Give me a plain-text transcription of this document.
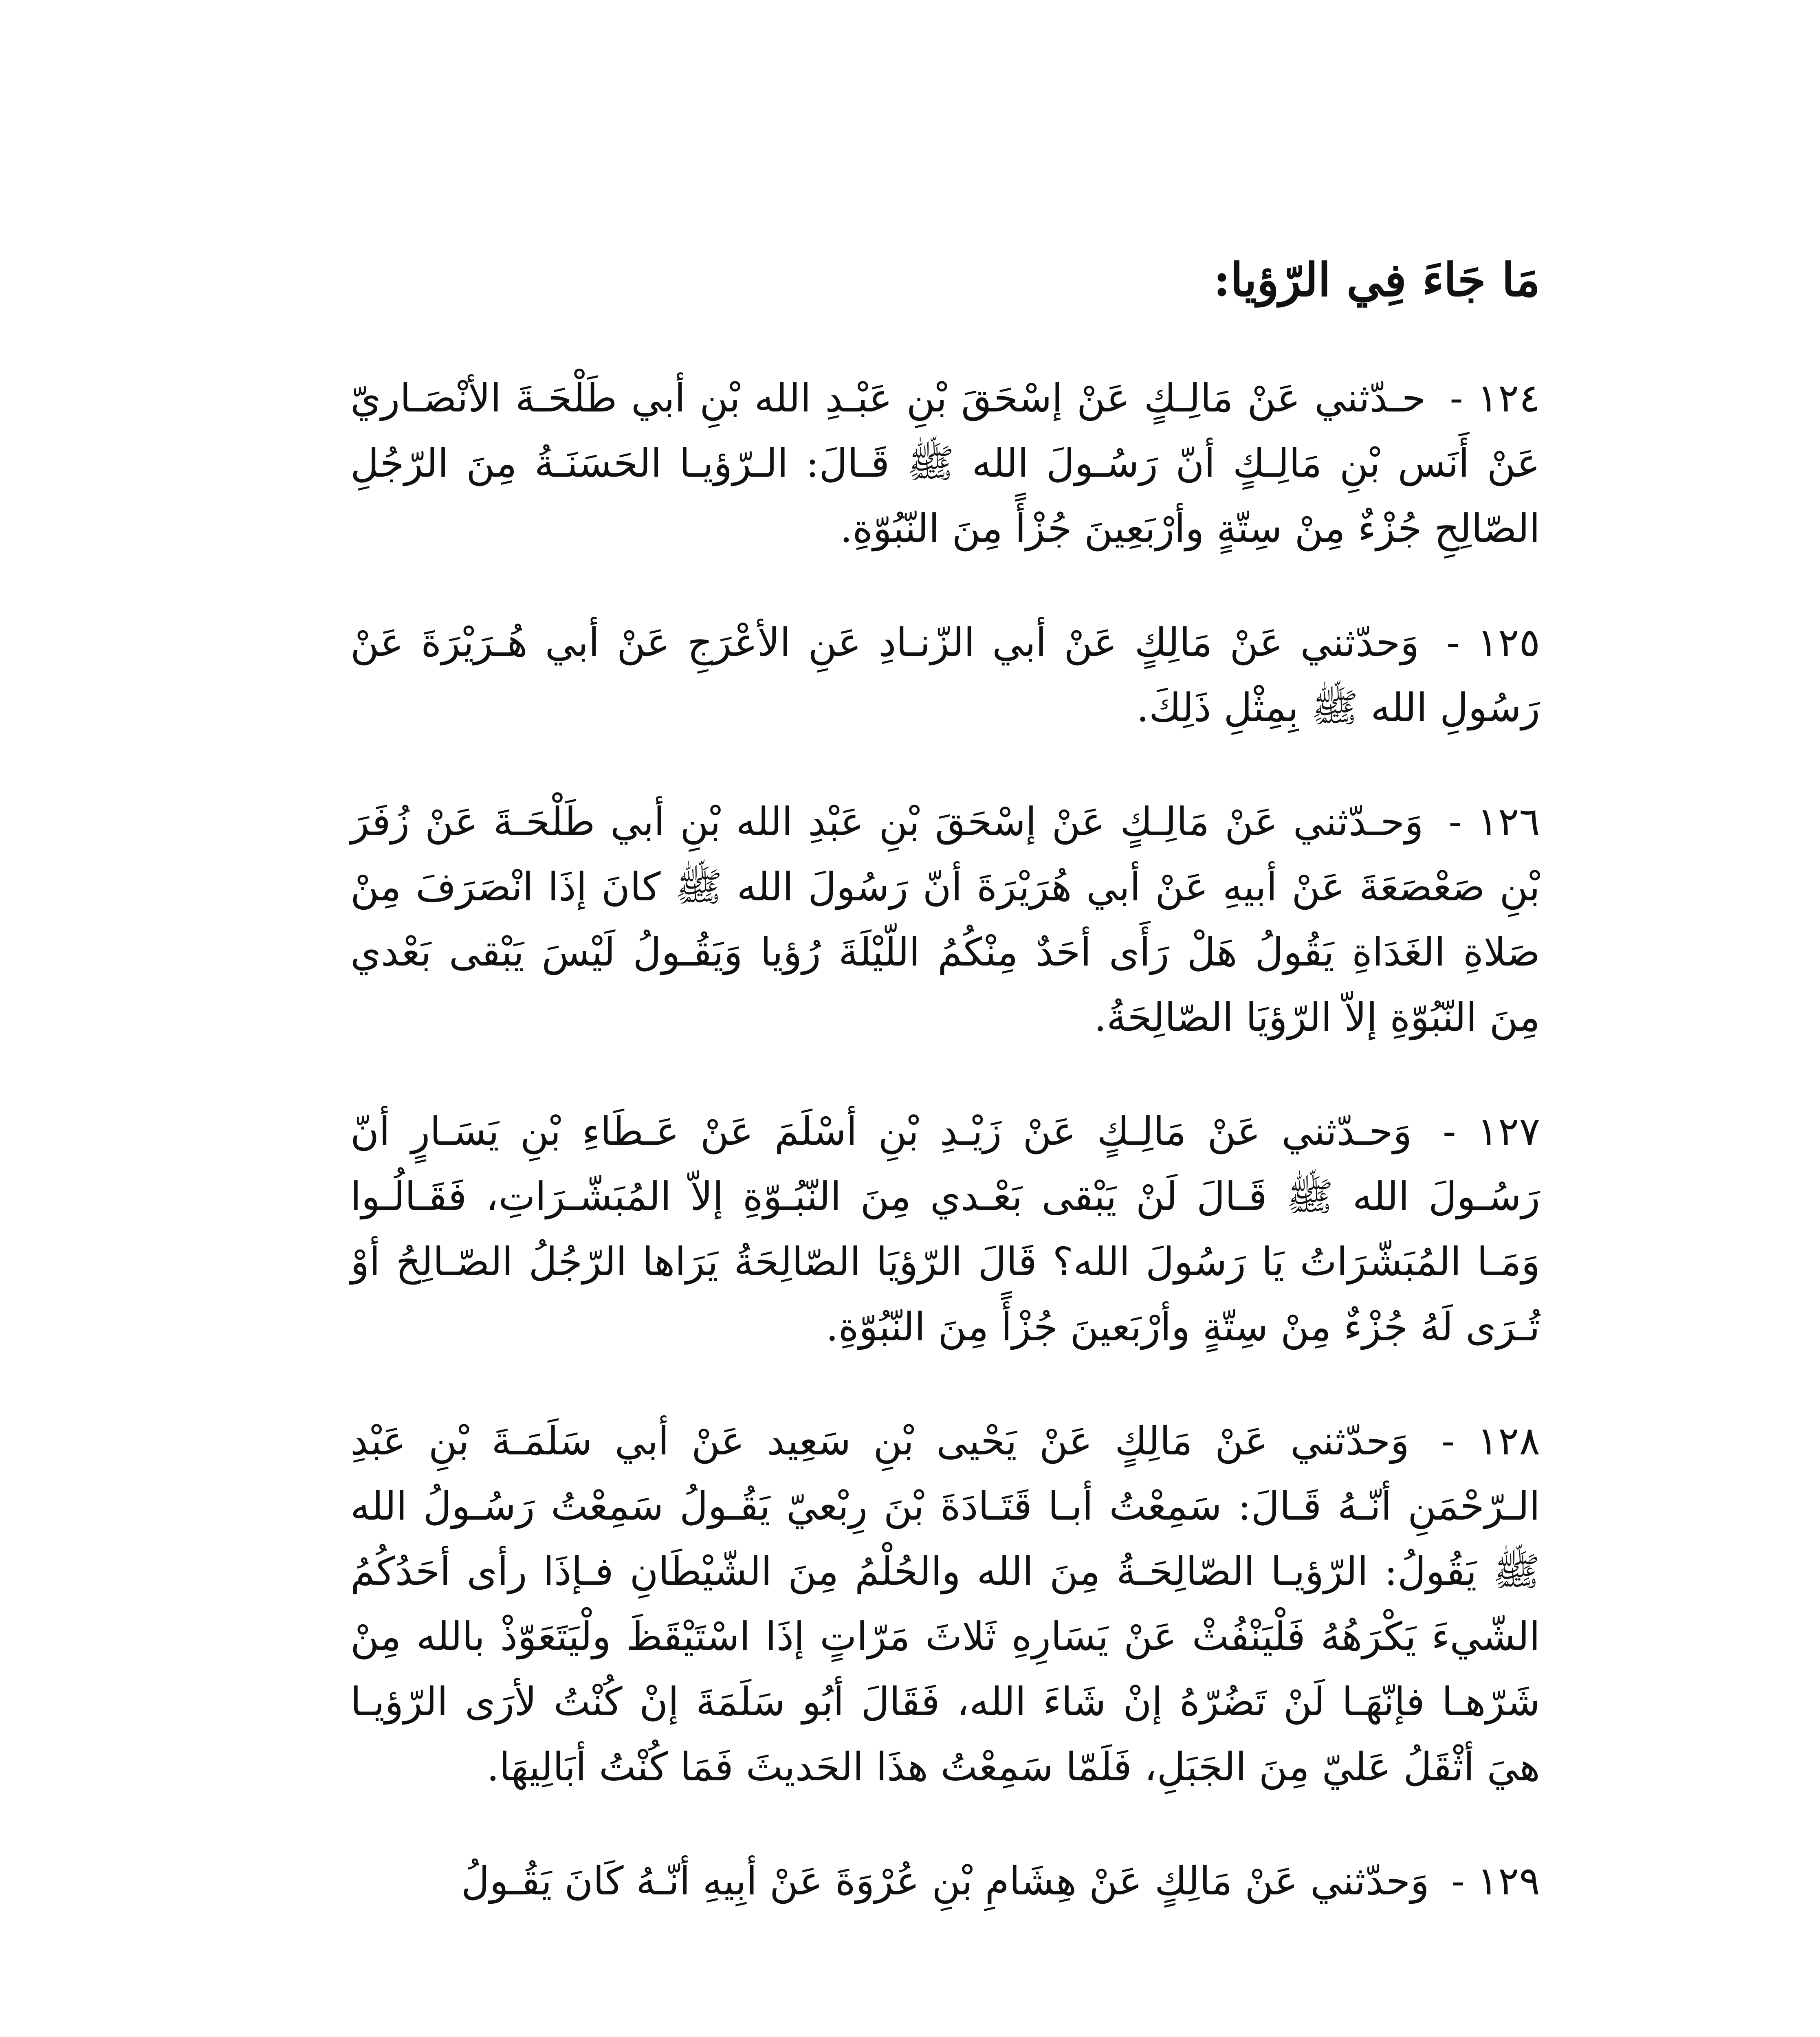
مَا جَاءَ فِي الرّؤيا:

١٢٤ - حـدّثني عَنْ مَالِـكٍ عَنْ إسْحَقَ بْنِ عَبْـدِ الله بْنِ أبي طَلْحَـةَ الأنْصَـاريّ عَنْ أَنَس بْنِ مَالِـكٍ أنّ رَسُـولَ الله ﷺ قَـالَ: الـرّؤيـا الحَسَنَـةُ مِنَ الرّجُلِ الصّالِحِ جُزْءٌ مِنْ سِتّةٍ وأرْبَعِينَ جُزْأً مِنَ النّبُوّةِ.

١٢٥ - وَحدّثني عَنْ مَالِكٍ عَنْ أبي الزّنـادِ عَنِ الأعْرَجِ عَنْ أبي هُـرَيْرَةَ عَنْ رَسُولِ الله ﷺ بِمِثْلِ ذَلِكَ.

١٢٦ - وَحـدّثني عَنْ مَالِـكٍ عَنْ إسْحَقَ بْنِ عَبْدِ الله بْنِ أبي طَلْحَـةَ عَنْ زُفَرَ بْنِ صَعْصَعَةَ عَنْ أبيهِ عَنْ أبي هُرَيْرَةَ أنّ رَسُولَ الله ﷺ كانَ إذَا انْصَرَفَ مِنْ صَلاةِ الغَدَاةِ يَقُولُ هَلْ رَأَى أحَدٌ مِنْكُمُ اللّيْلَةَ رُؤيا وَيَقُـولُ لَيْسَ يَبْقى بَعْدي مِنَ النّبُوّةِ إلاّ الرّؤيَا الصّالِحَةُ.

١٢٧ - وَحـدّثني عَنْ مَالِـكٍ عَنْ زَيْـدِ بْنِ أسْلَمَ عَنْ عَـطَاءِ بْنِ يَسَـارٍ أنّ رَسُـولَ الله ﷺ قَـالَ لَنْ يَبْقى بَعْـدي مِنَ النّبُـوّةِ إلاّ المُبَشّـرَاتِ، فَقَـالُـوا وَمَـا المُبَشّرَاتُ يَا رَسُولَ الله؟ قَالَ الرّؤيَا الصّالِحَةُ يَرَاها الرّجُلُ الصّـالِحُ أوْ تُـرَى لَهُ جُزْءٌ مِنْ سِتّةٍ وأرْبَعينَ جُزْأً مِنَ النّبُوّةِ.

١٢٨ - وَحدّثني عَنْ مَالِكٍ عَنْ يَحْيى بْنِ سَعِيد عَنْ أبي سَلَمَـةَ بْنِ عَبْدِ الـرّحْمَنِ أنّـهُ قَـالَ: سَمِعْتُ أبـا قَتَـادَةَ بْنَ رِبْعيّ يَقُـولُ سَمِعْتُ رَسُـولُ الله ﷺ يَقُولُ: الرّؤيـا الصّالِحَـةُ مِنَ الله والحُلْمُ مِنَ الشّيْطَانِ فـإذَا رأى أحَدُكُمُ الشّيءَ يَكْرَهُهُ فَلْيَنْفُثْ عَنْ يَسَارِهِ ثَلاثَ مَرّاتٍ إذَا اسْتَيْقَظَ ولْيَتَعَوّذْ بالله مِنْ شَرّهـا فإنّهَـا لَنْ تَضُرّهُ إنْ شَاءَ الله، فَقَالَ أبُو سَلَمَةَ إنْ كُنْتُ لأرَى الرّؤيـا هيَ أثْقَلُ عَليّ مِنَ الجَبَلِ، فَلَمّا سَمِعْتُ هذَا الحَديثَ فَمَا كُنْتُ أبَالِيهَا.

١٢٩ - وَحدّثني عَنْ مَالِكٍ عَنْ هِشَامِ بْنِ عُرْوَةَ عَنْ أبِيهِ أنّـهُ كَانَ يَقُـولُ
